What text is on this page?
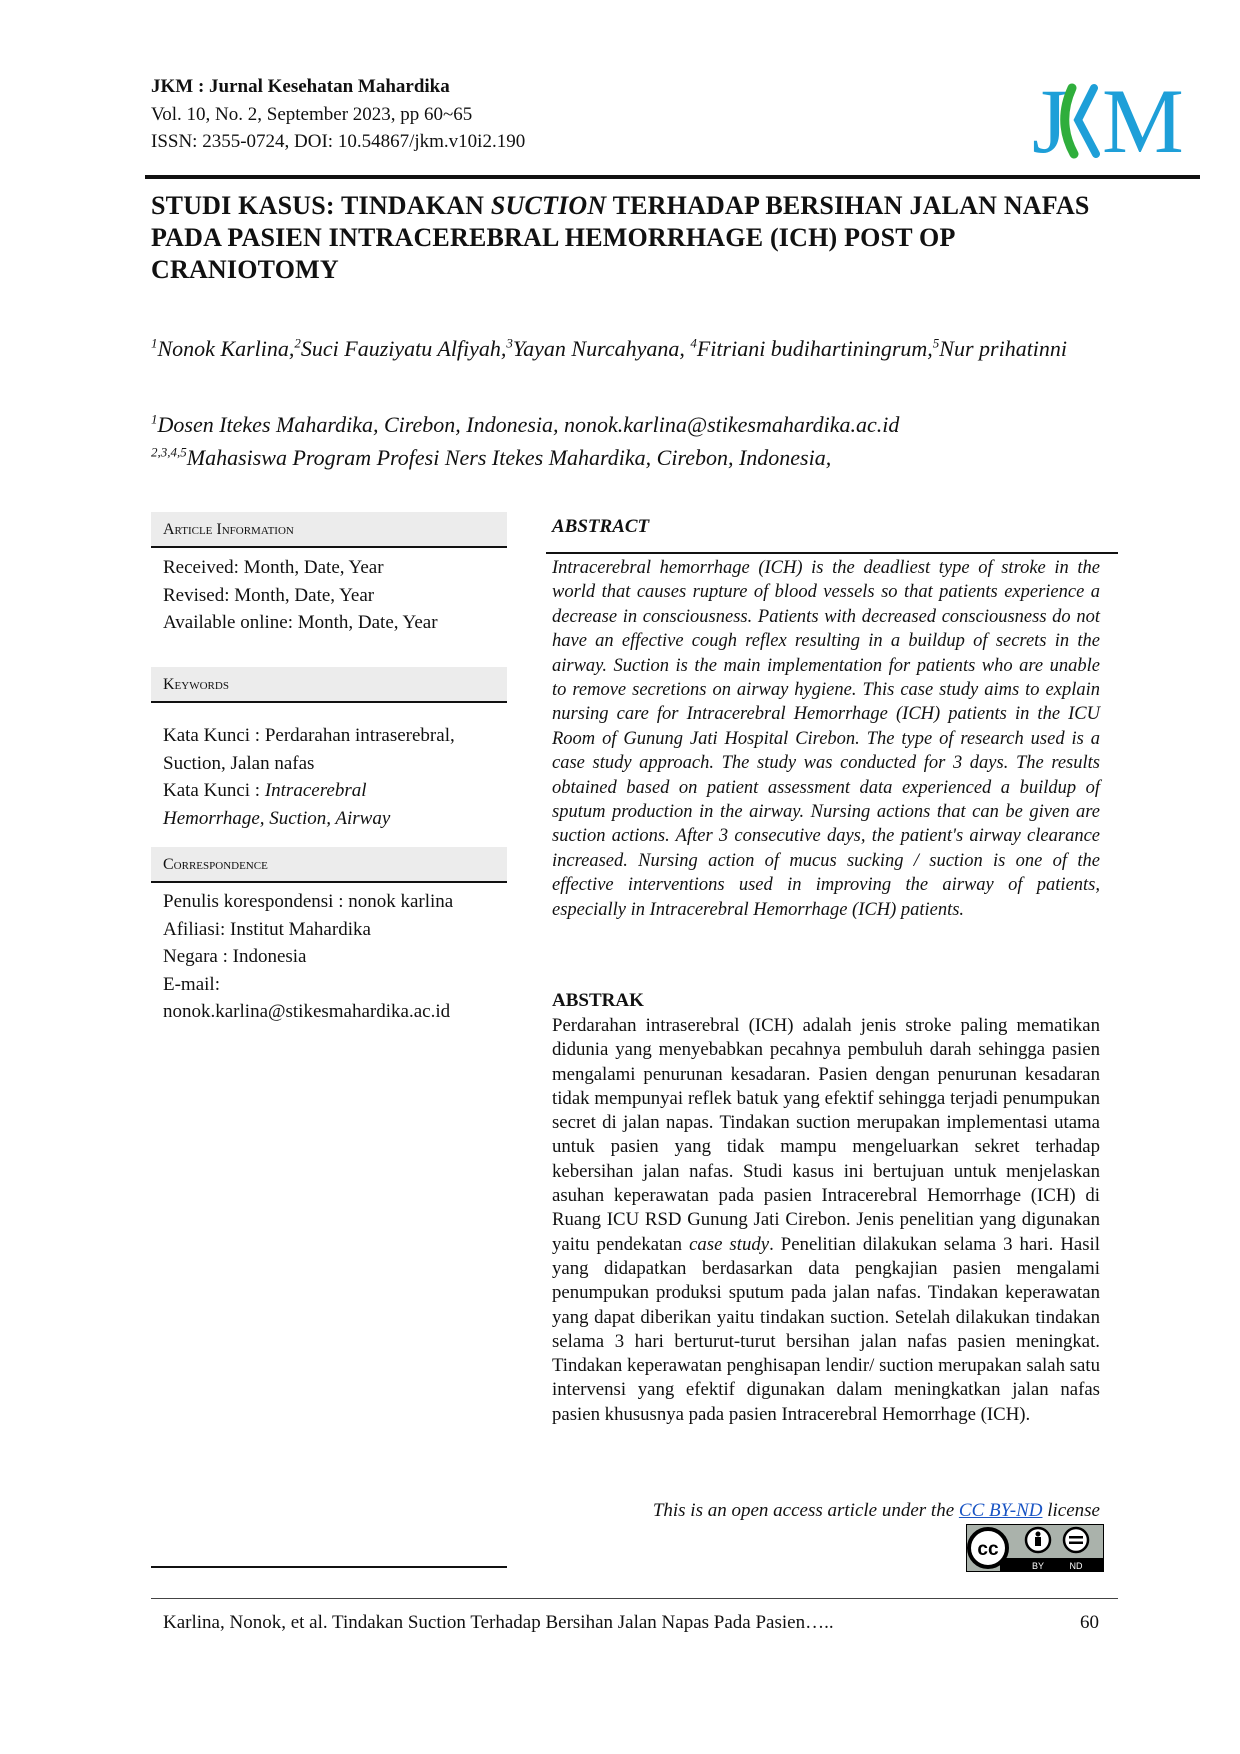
JKM : Jurnal Kesehatan Mahardika
Vol. 10, No. 2, September 2023, pp 60~65
ISSN: 2355-0724, DOI: 10.54867/jkm.v10i2.190	J M
STUDI KASUS: TINDAKAN SUCTION TERHADAP BERSIHAN JALAN NAFAS PADA PASIEN INTRACEREBRAL HEMORRHAGE (ICH) POST OP CRANIOTOMY
$^1$Nonok Karlina,$^2$Suci Fauziyatu Alfiyah,$^3$Yayan Nurcahyana, $^4$Fitriani budihartiningrum,$^5$Nur prihatinni
$^1$Dosen Itekes Mahardika, Cirebon, Indonesia, nonok.karlina@stikesmahardika.ac.id
$^{2,3,4,5}$Mahasiswa Program Profesi Ners Itekes Mahardika, Cirebon, Indonesia,
Article Information
Received: Month, Date, Year
Revised: Month, Date, Year
Available online: Month, Date, Year
Keywords
Kata Kunci : Perdarahan intraserebral,
Suction, Jalan nafas
Kata Kunci : Intracerebral
Hemorrhage, Suction, Airway
Correspondence
Penulis korespondensi : nonok karlina
Afiliasi: Institut Mahardika
Negara : Indonesia
E-mail:
nonok.karlina@stikesmahardika.ac.id
ABSTRACT
Intracerebral hemorrhage (ICH) is the deadliest type of stroke in the world that causes rupture of blood vessels so that patients experience a decrease in consciousness. Patients with decreased consciousness do not have an effective cough reflex resulting in a buildup of secrets in the airway. Suction is the main implementation for patients who are unable to remove secretions on airway hygiene. This case study aims to explain nursing care for Intracerebral Hemorrhage (ICH) patients in the ICU Room of Gunung Jati Hospital Cirebon. The type of research used is a case study approach. The study was conducted for 3 days. The results obtained based on patient assessment data experienced a buildup of sputum production in the airway. Nursing actions that can be given are suction actions. After 3 consecutive days, the patient's airway clearance increased. Nursing action of mucus sucking / suction is one of the effective interventions used in improving the airway of patients, especially in Intracerebral Hemorrhage (ICH) patients.
ABSTRAK
Perdarahan intraserebral (ICH) adalah jenis stroke paling mematikan didunia yang menyebabkan pecahnya pembuluh darah sehingga pasien mengalami penurunan kesadaran. Pasien dengan penurunan kesadaran tidak mempunyai reflek batuk yang efektif sehingga terjadi penumpukan secret di jalan napas. Tindakan suction merupakan implementasi utama untuk pasien yang tidak mampu mengeluarkan sekret terhadap kebersihan jalan nafas. Studi kasus ini bertujuan untuk menjelaskan asuhan keperawatan pada pasien Intracerebral Hemorrhage (ICH) di Ruang ICU RSD Gunung Jati Cirebon. Jenis penelitian yang digunakan yaitu pendekatan case study. Penelitian dilakukan selama 3 hari. Hasil yang didapatkan berdasarkan data pengkajian pasien mengalami penumpukan produksi sputum pada jalan nafas. Tindakan keperawatan yang dapat diberikan yaitu tindakan suction. Setelah dilakukan tindakan selama 3 hari berturut-turut bersihan jalan nafas pasien meningkat. Tindakan keperawatan penghisapan lendir/ suction merupakan salah satu intervensi yang efektif digunakan dalam meningkatkan jalan nafas pasien khususnya pada pasien Intracerebral Hemorrhage (ICH).
This is an open access article under the CC BY-ND license
cc
BY	ND
Karlina, Nonok, et al. Tindakan Suction Terhadap Bersihan Jalan Napas Pada Pasien…..	60
